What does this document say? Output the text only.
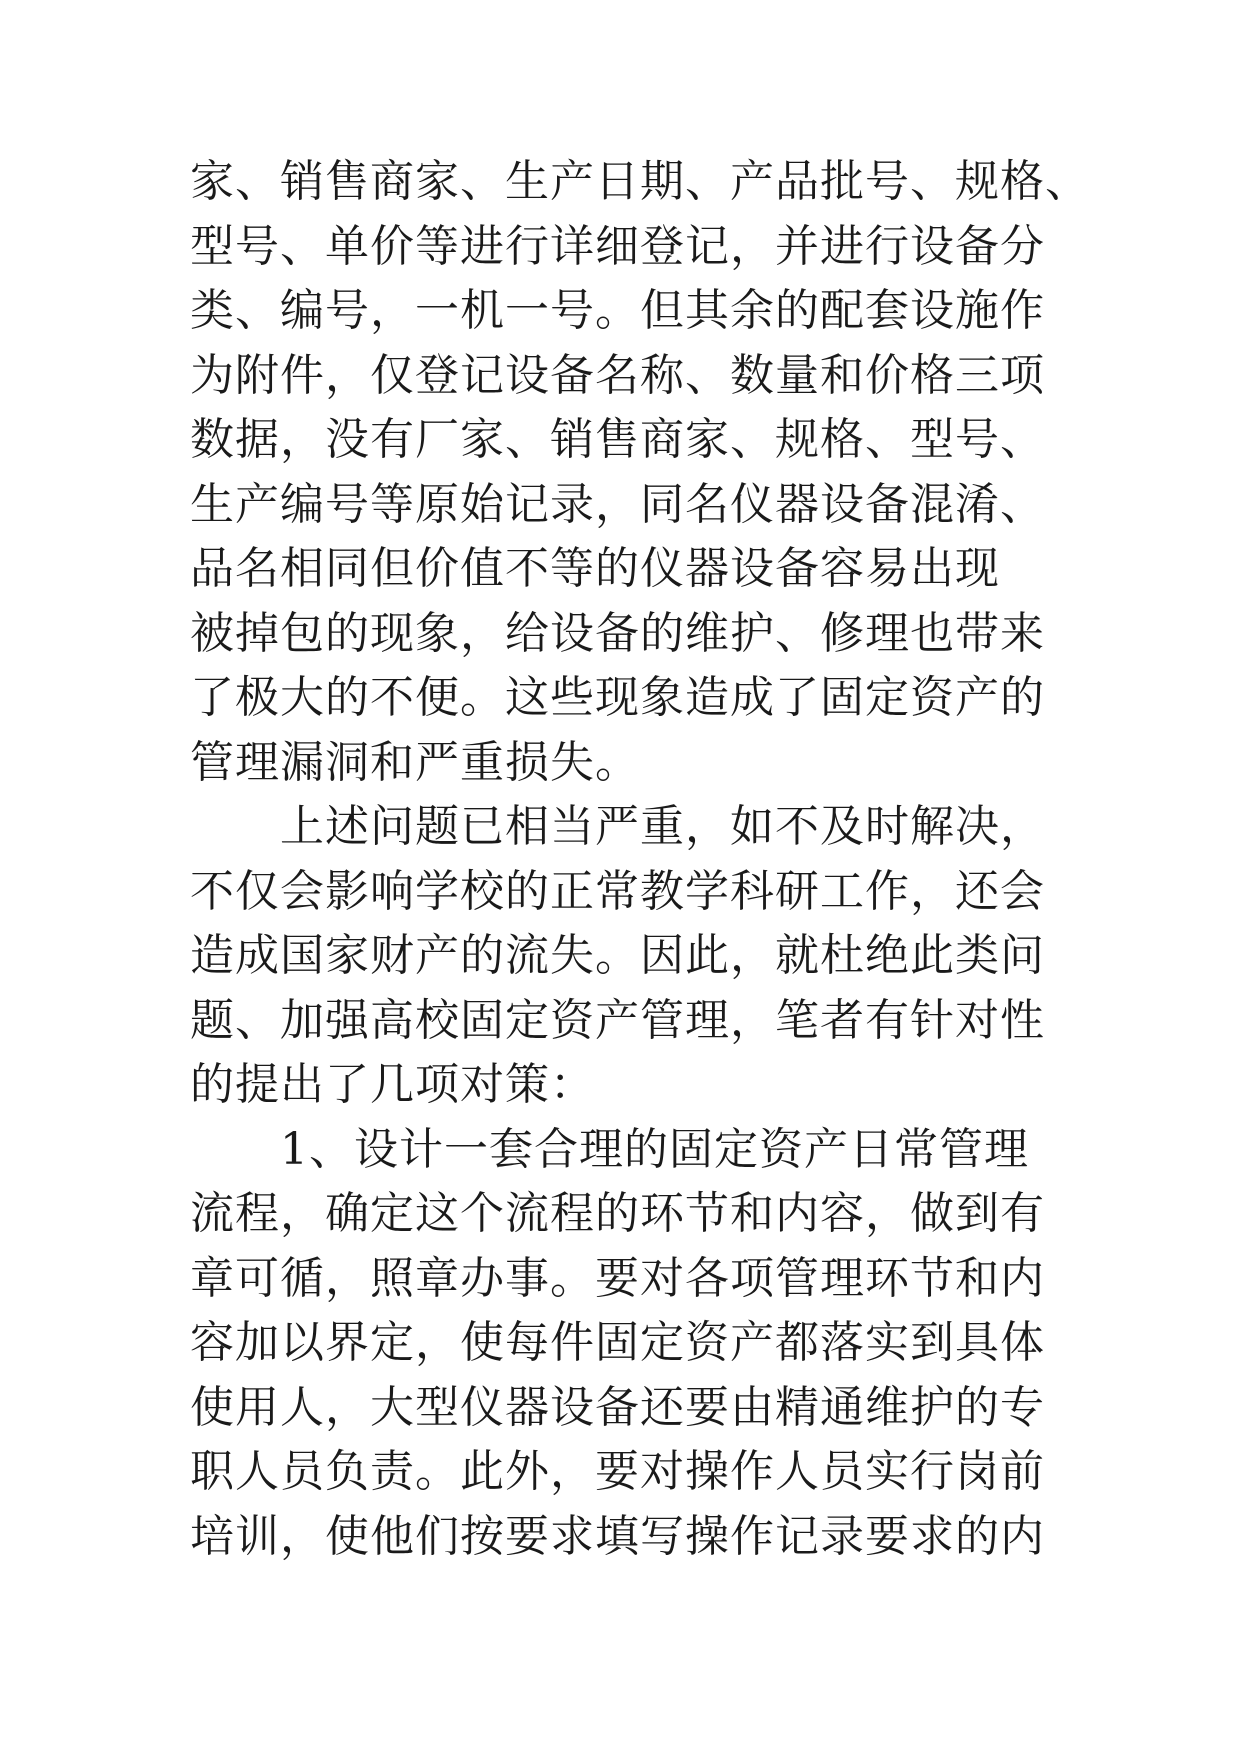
家、销售商家、生产日期、产品批号、规格、
型号、单价等进行详细登记，并进行设备分
类、编号，一机一号。但其余的配套设施作
为附件，仅登记设备名称、数量和价格三项
数据，没有厂家、销售商家、规格、型号、
生产编号等原始记录，同名仪器设备混淆、
品名相同但价值不等的仪器设备容易出现
被掉包的现象，给设备的维护、修理也带来
了极大的不便。这些现象造成了固定资产的
管理漏洞和严重损失。
　　上述问题已相当严重，如不及时解决，
不仅会影响学校的正常教学科研工作，还会
造成国家财产的流失。因此，就杜绝此类问
题、加强高校固定资产管理，笔者有针对性
的提出了几项对策：
　　1、设计一套合理的固定资产日常管理
流程，确定这个流程的环节和内容，做到有
章可循，照章办事。要对各项管理环节和内
容加以界定，使每件固定资产都落实到具体
使用人，大型仪器设备还要由精通维护的专
职人员负责。此外，要对操作人员实行岗前
培训，使他们按要求填写操作记录要求的内
